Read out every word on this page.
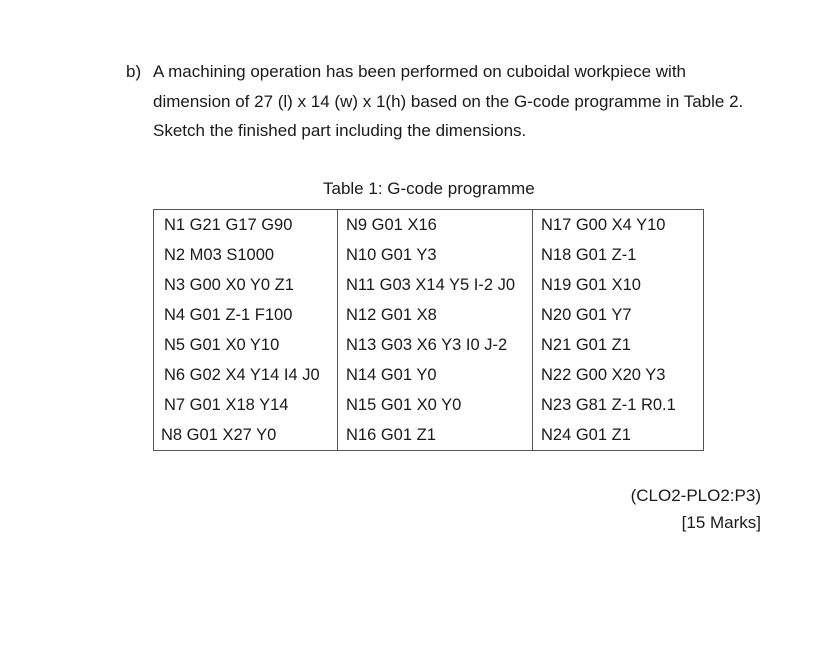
b) A machining operation has been performed on cuboidal workpiece with
dimension of 27 (l) x 14 (w) x 1(h) based on the G-code programme in Table 2.
Sketch the finished part including the dimensions.
Table 1: G-code programme
N1 G21 G17 G90	N9 G01 X16	N17 G00 X4 Y10
N2 M03 S1000	N10 G01 Y3	N18 G01 Z-1
N3 G00 X0 Y0 Z1	N11 G03 X14 Y5 I-2 J0	N19 G01 X10
N4 G01 Z-1 F100	N12 G01 X8	N20 G01 Y7
N5 G01 X0 Y10	N13 G03 X6 Y3 I0 J-2	N21 G01 Z1
N6 G02 X4 Y14 I4 J0	N14 G01 Y0	N22 G00 X20 Y3
N7 G01 X18 Y14	N15 G01 X0 Y0	N23 G81 Z-1 R0.1
N8 G01 X27 Y0	N16 G01 Z1	N24 G01 Z1
(CLO2-PLO2:P3)
[15 Marks]
